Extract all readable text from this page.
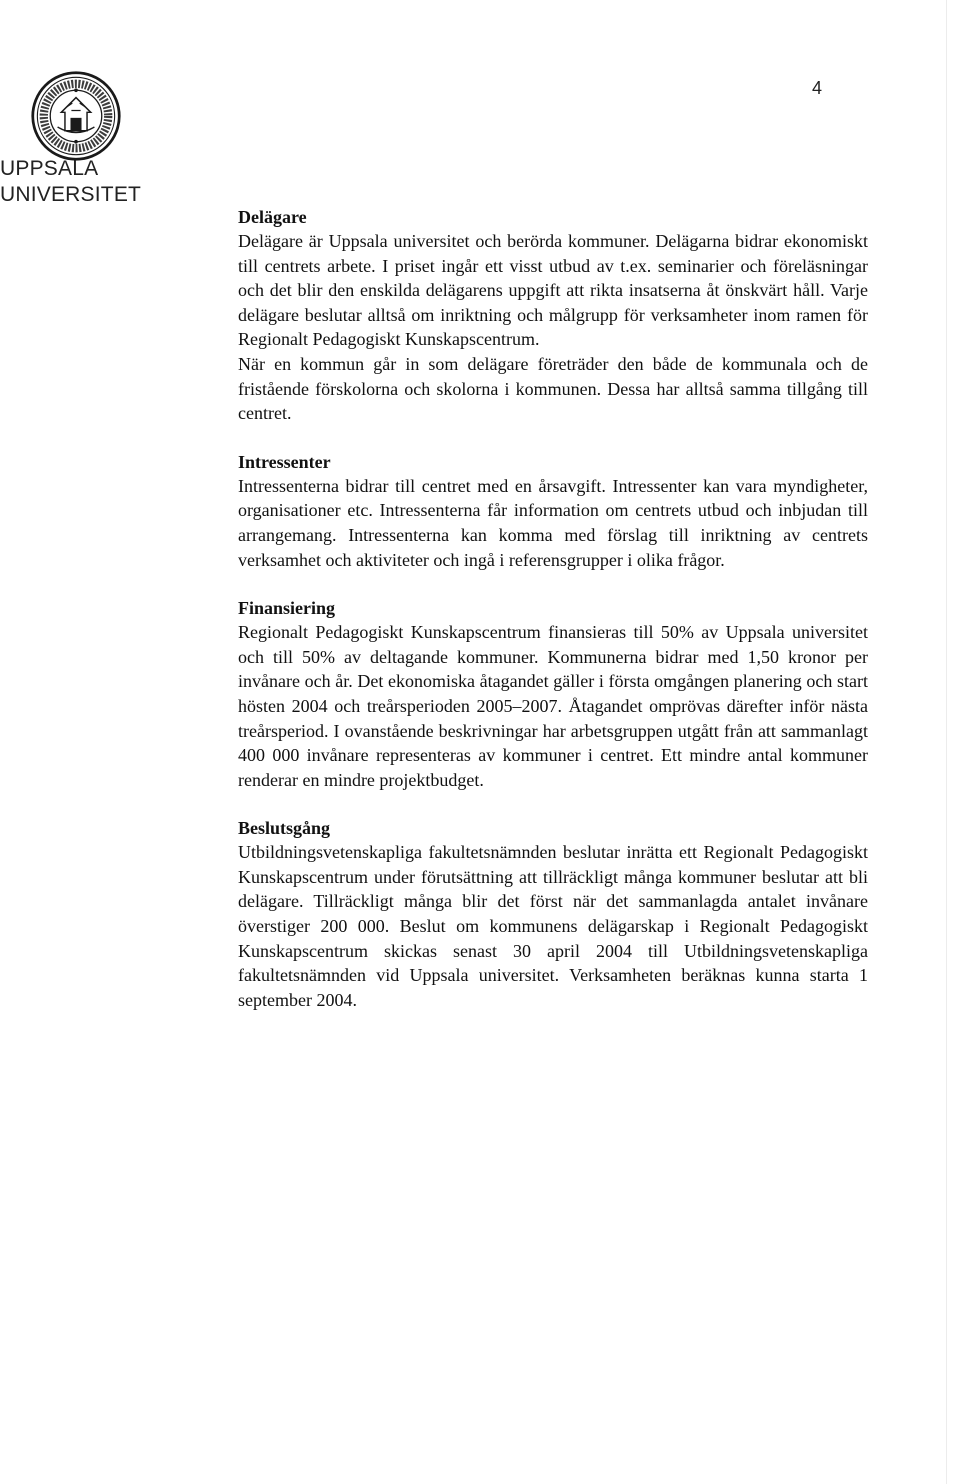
UPPSALA
UNIVERSITET
4

Delägare

Delägare är Uppsala universitet och berörda kommuner. Delägarna bidrar ekonomiskt till centrets arbete. I priset ingår ett visst utbud av t.ex. seminarier och föreläsningar och det blir den enskilda delägarens uppgift att rikta insatserna åt önskvärt håll. Varje delägare beslutar alltså om inriktning och målgrupp för verksamheter inom ramen för Regionalt Pedagogiskt Kunskapscentrum.

När en kommun går in som delägare företräder den både de kommunala och de fristående förskolorna och skolorna i kommunen. Dessa har alltså samma tillgång till centret.

Intressenter

Intressenterna bidrar till centret med en årsavgift. Intressenter kan vara myndigheter, organisationer etc. Intressenterna får information om centrets utbud och inbjudan till arrangemang. Intressenterna kan komma med förslag till inriktning av centrets verksamhet och aktiviteter och ingå i referensgrupper i olika frågor.

Finansiering

Regionalt Pedagogiskt Kunskapscentrum finansieras till 50% av Uppsala universitet och till 50% av deltagande kommuner. Kommunerna bidrar med 1,50 kronor per invånare och år. Det ekonomiska åtagandet gäller i första omgången planering och start hösten 2004 och treårsperioden 2005–2007. Åtagandet omprövas därefter inför nästa treårsperiod. I ovanstående beskrivningar har arbetsgruppen utgått från att sammanlagt 400 000 invånare representeras av kommuner i centret. Ett mindre antal kommuner renderar en mindre projektbudget.

Beslutsgång

Utbildningsvetenskapliga fakultetsnämnden beslutar inrätta ett Regionalt Pedagogiskt Kunskapscentrum under förutsättning att tillräckligt många kommuner beslutar att bli delägare. Tillräckligt många blir det först när det sammanlagda antalet invånare överstiger 200 000. Beslut om kommunens delägarskap i Regionalt Pedagogiskt Kunskapscentrum skickas senast 30 april 2004 till Utbildningsvetenskapliga fakultetsnämnden vid Uppsala universitet. Verksamheten beräknas kunna starta 1 september 2004.
